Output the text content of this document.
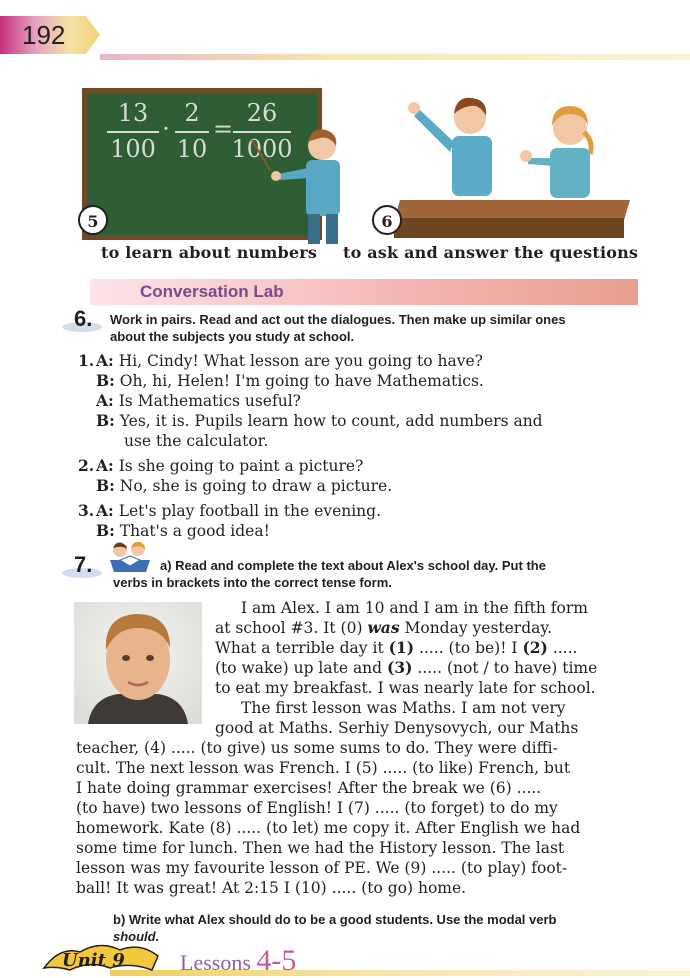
192
13
100
·
2
10
=
26
1000
5
to learn about numbers
6
to ask and answer the questions
Conversation Lab
6. Work in pairs. Read and act out the dialogues. Then make up similar ones
about the subjects you study at school.
1. A: Hi, Cindy! What lesson are you going to have?
B: Oh, hi, Helen! I'm going to have Mathematics.
A: Is Mathematics useful?
B: Yes, it is. Pupils learn how to count, add numbers and
use the calculator.
2. A: Is she going to paint a picture?
B: No, she is going to draw a picture.
3. A: Let's play football in the evening.
B: That's a good idea!
7.	a) Read and complete the text about Alex's school day. Put the
verbs in brackets into the correct tense form.
I am Alex. I am 10 and I am in the fifth form
at school #3. It (0) was Monday yesterday.
What a terrible day it (1) ..... (to be)! I (2) .....
(to wake) up late and (3) ..... (not / to have) time
to eat my breakfast. I was nearly late for school.
The first lesson was Maths. I am not very
good at Maths. Serhiy Denysovych, our Maths
teacher, (4) ..... (to give) us some sums to do. They were diffi-
cult. The next lesson was French. I (5) ..... (to like) French, but
I hate doing grammar exercises! After the break we (6) .....
(to have) two lessons of English! I (7) ..... (to forget) to do my
homework. Kate (8) ..... (to let) me copy it. After English we had
some time for lunch. Then we had the History lesson. The last
lesson was my favourite lesson of PE. We (9) ..... (to play) foot-
ball! It was great! At 2:15 I (10) ..... (to go) home.
b) Write what Alex should do to be a good students. Use the modal verb
should.
Unit 9	Lessons 4-5
